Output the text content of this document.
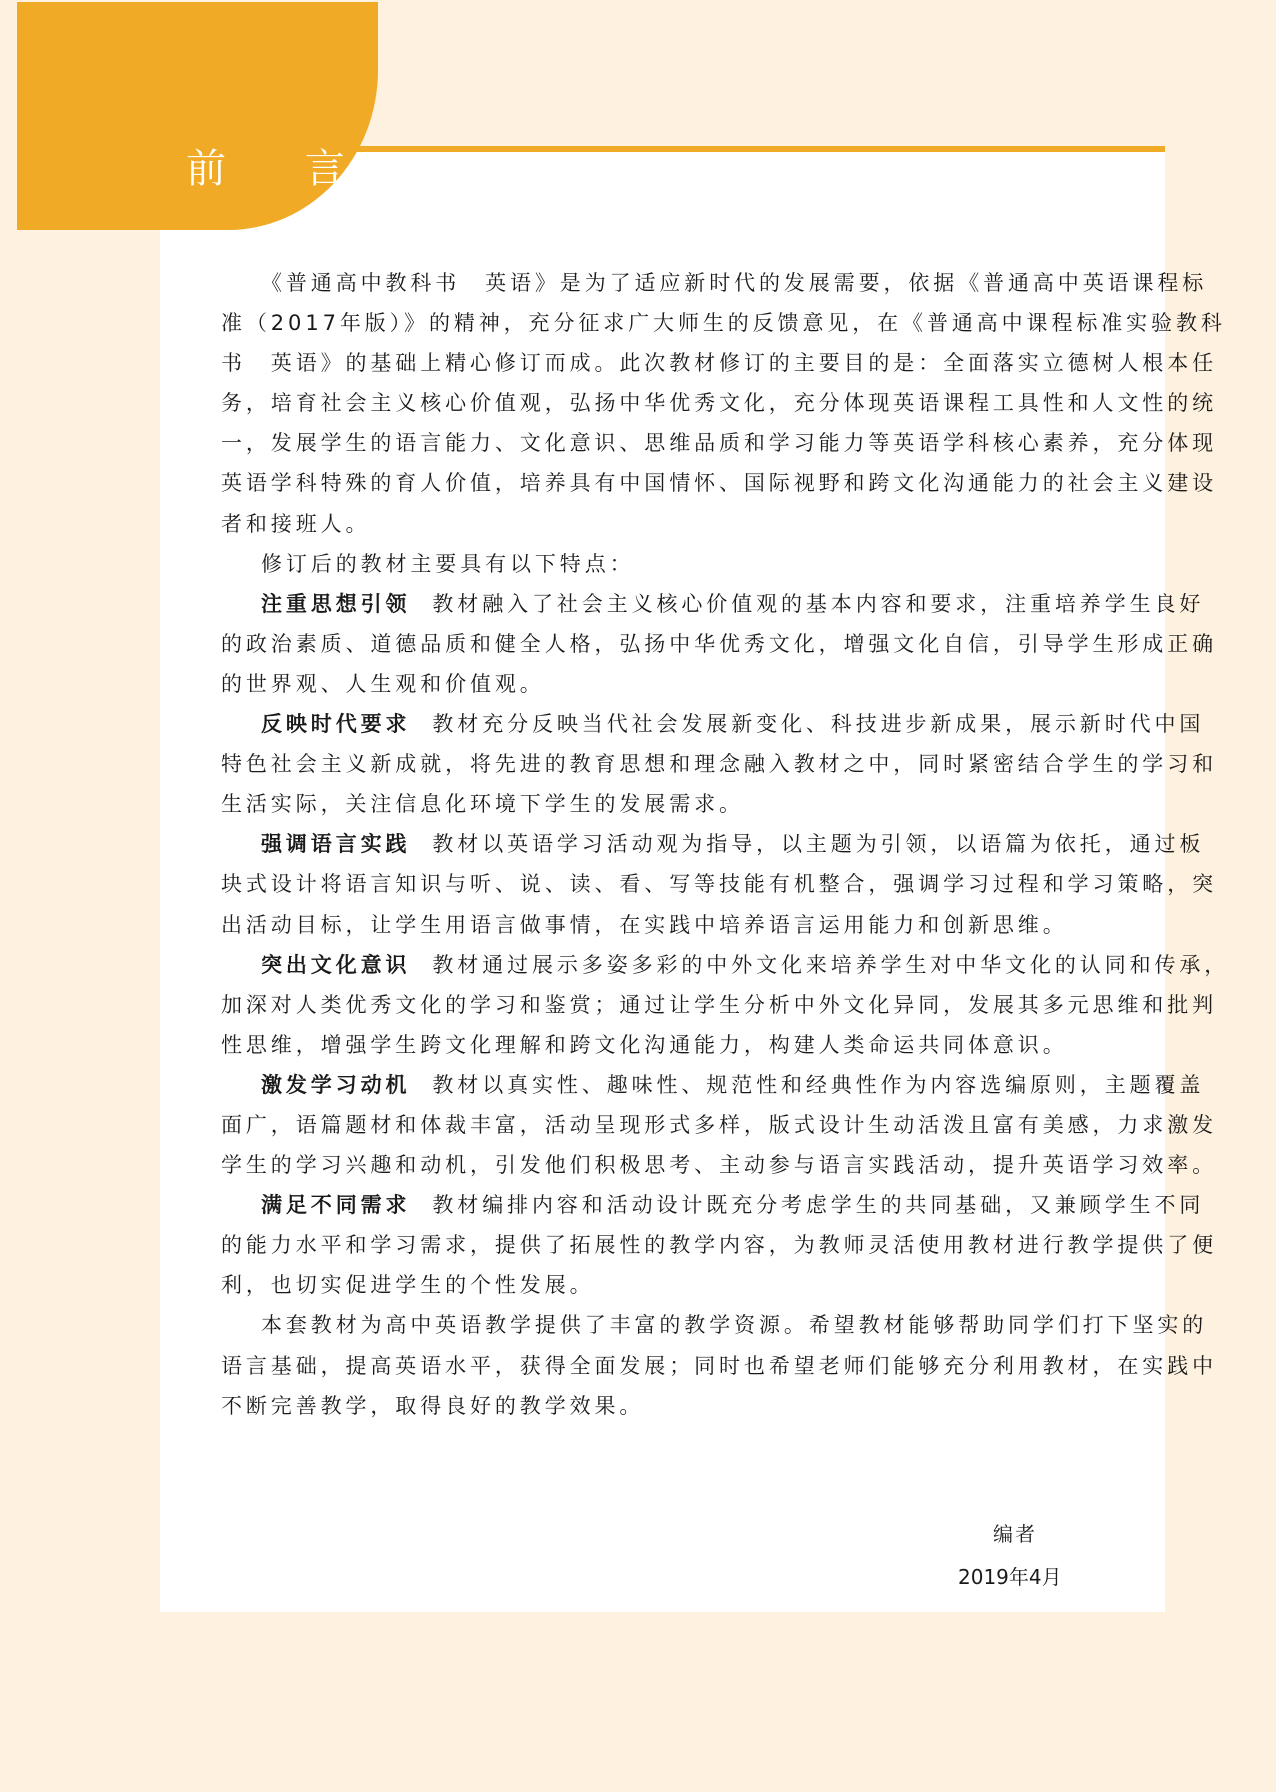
前 言
《普通高中教科书　英语》是为了适应新时代的发展需要，依据《普通高中英语课程标
准（2017年版）》的精神，充分征求广大师生的反馈意见，在《普通高中课程标准实验教科
书　英语》的基础上精心修订而成。此次教材修订的主要目的是：全面落实立德树人根本任
务，培育社会主义核心价值观，弘扬中华优秀文化，充分体现英语课程工具性和人文性的统
一，发展学生的语言能力、文化意识、思维品质和学习能力等英语学科核心素养，充分体现
英语学科特殊的育人价值，培养具有中国情怀、国际视野和跨文化沟通能力的社会主义建设
者和接班人。
修订后的教材主要具有以下特点：
注重思想引领 教材融入了社会主义核心价值观的基本内容和要求，注重培养学生良好
的政治素质、道德品质和健全人格，弘扬中华优秀文化，增强文化自信，引导学生形成正确
的世界观、人生观和价值观。
反映时代要求 教材充分反映当代社会发展新变化、科技进步新成果，展示新时代中国
特色社会主义新成就，将先进的教育思想和理念融入教材之中，同时紧密结合学生的学习和
生活实际，关注信息化环境下学生的发展需求。
强调语言实践 教材以英语学习活动观为指导，以主题为引领，以语篇为依托，通过板
块式设计将语言知识与听、说、读、看、写等技能有机整合，强调学习过程和学习策略，突
出活动目标，让学生用语言做事情，在实践中培养语言运用能力和创新思维。
突出文化意识 教材通过展示多姿多彩的中外文化来培养学生对中华文化的认同和传承，
加深对人类优秀文化的学习和鉴赏；通过让学生分析中外文化异同，发展其多元思维和批判
性思维，增强学生跨文化理解和跨文化沟通能力，构建人类命运共同体意识。
激发学习动机 教材以真实性、趣味性、规范性和经典性作为内容选编原则，主题覆盖
面广，语篇题材和体裁丰富，活动呈现形式多样，版式设计生动活泼且富有美感，力求激发
学生的学习兴趣和动机，引发他们积极思考、主动参与语言实践活动，提升英语学习效率。
满足不同需求 教材编排内容和活动设计既充分考虑学生的共同基础，又兼顾学生不同
的能力水平和学习需求，提供了拓展性的教学内容，为教师灵活使用教材进行教学提供了便
利，也切实促进学生的个性发展。
本套教材为高中英语教学提供了丰富的教学资源。希望教材能够帮助同学们打下坚实的
语言基础，提高英语水平，获得全面发展；同时也希望老师们能够充分利用教材，在实践中
不断完善教学，取得良好的教学效果。
编者
2019年4月
